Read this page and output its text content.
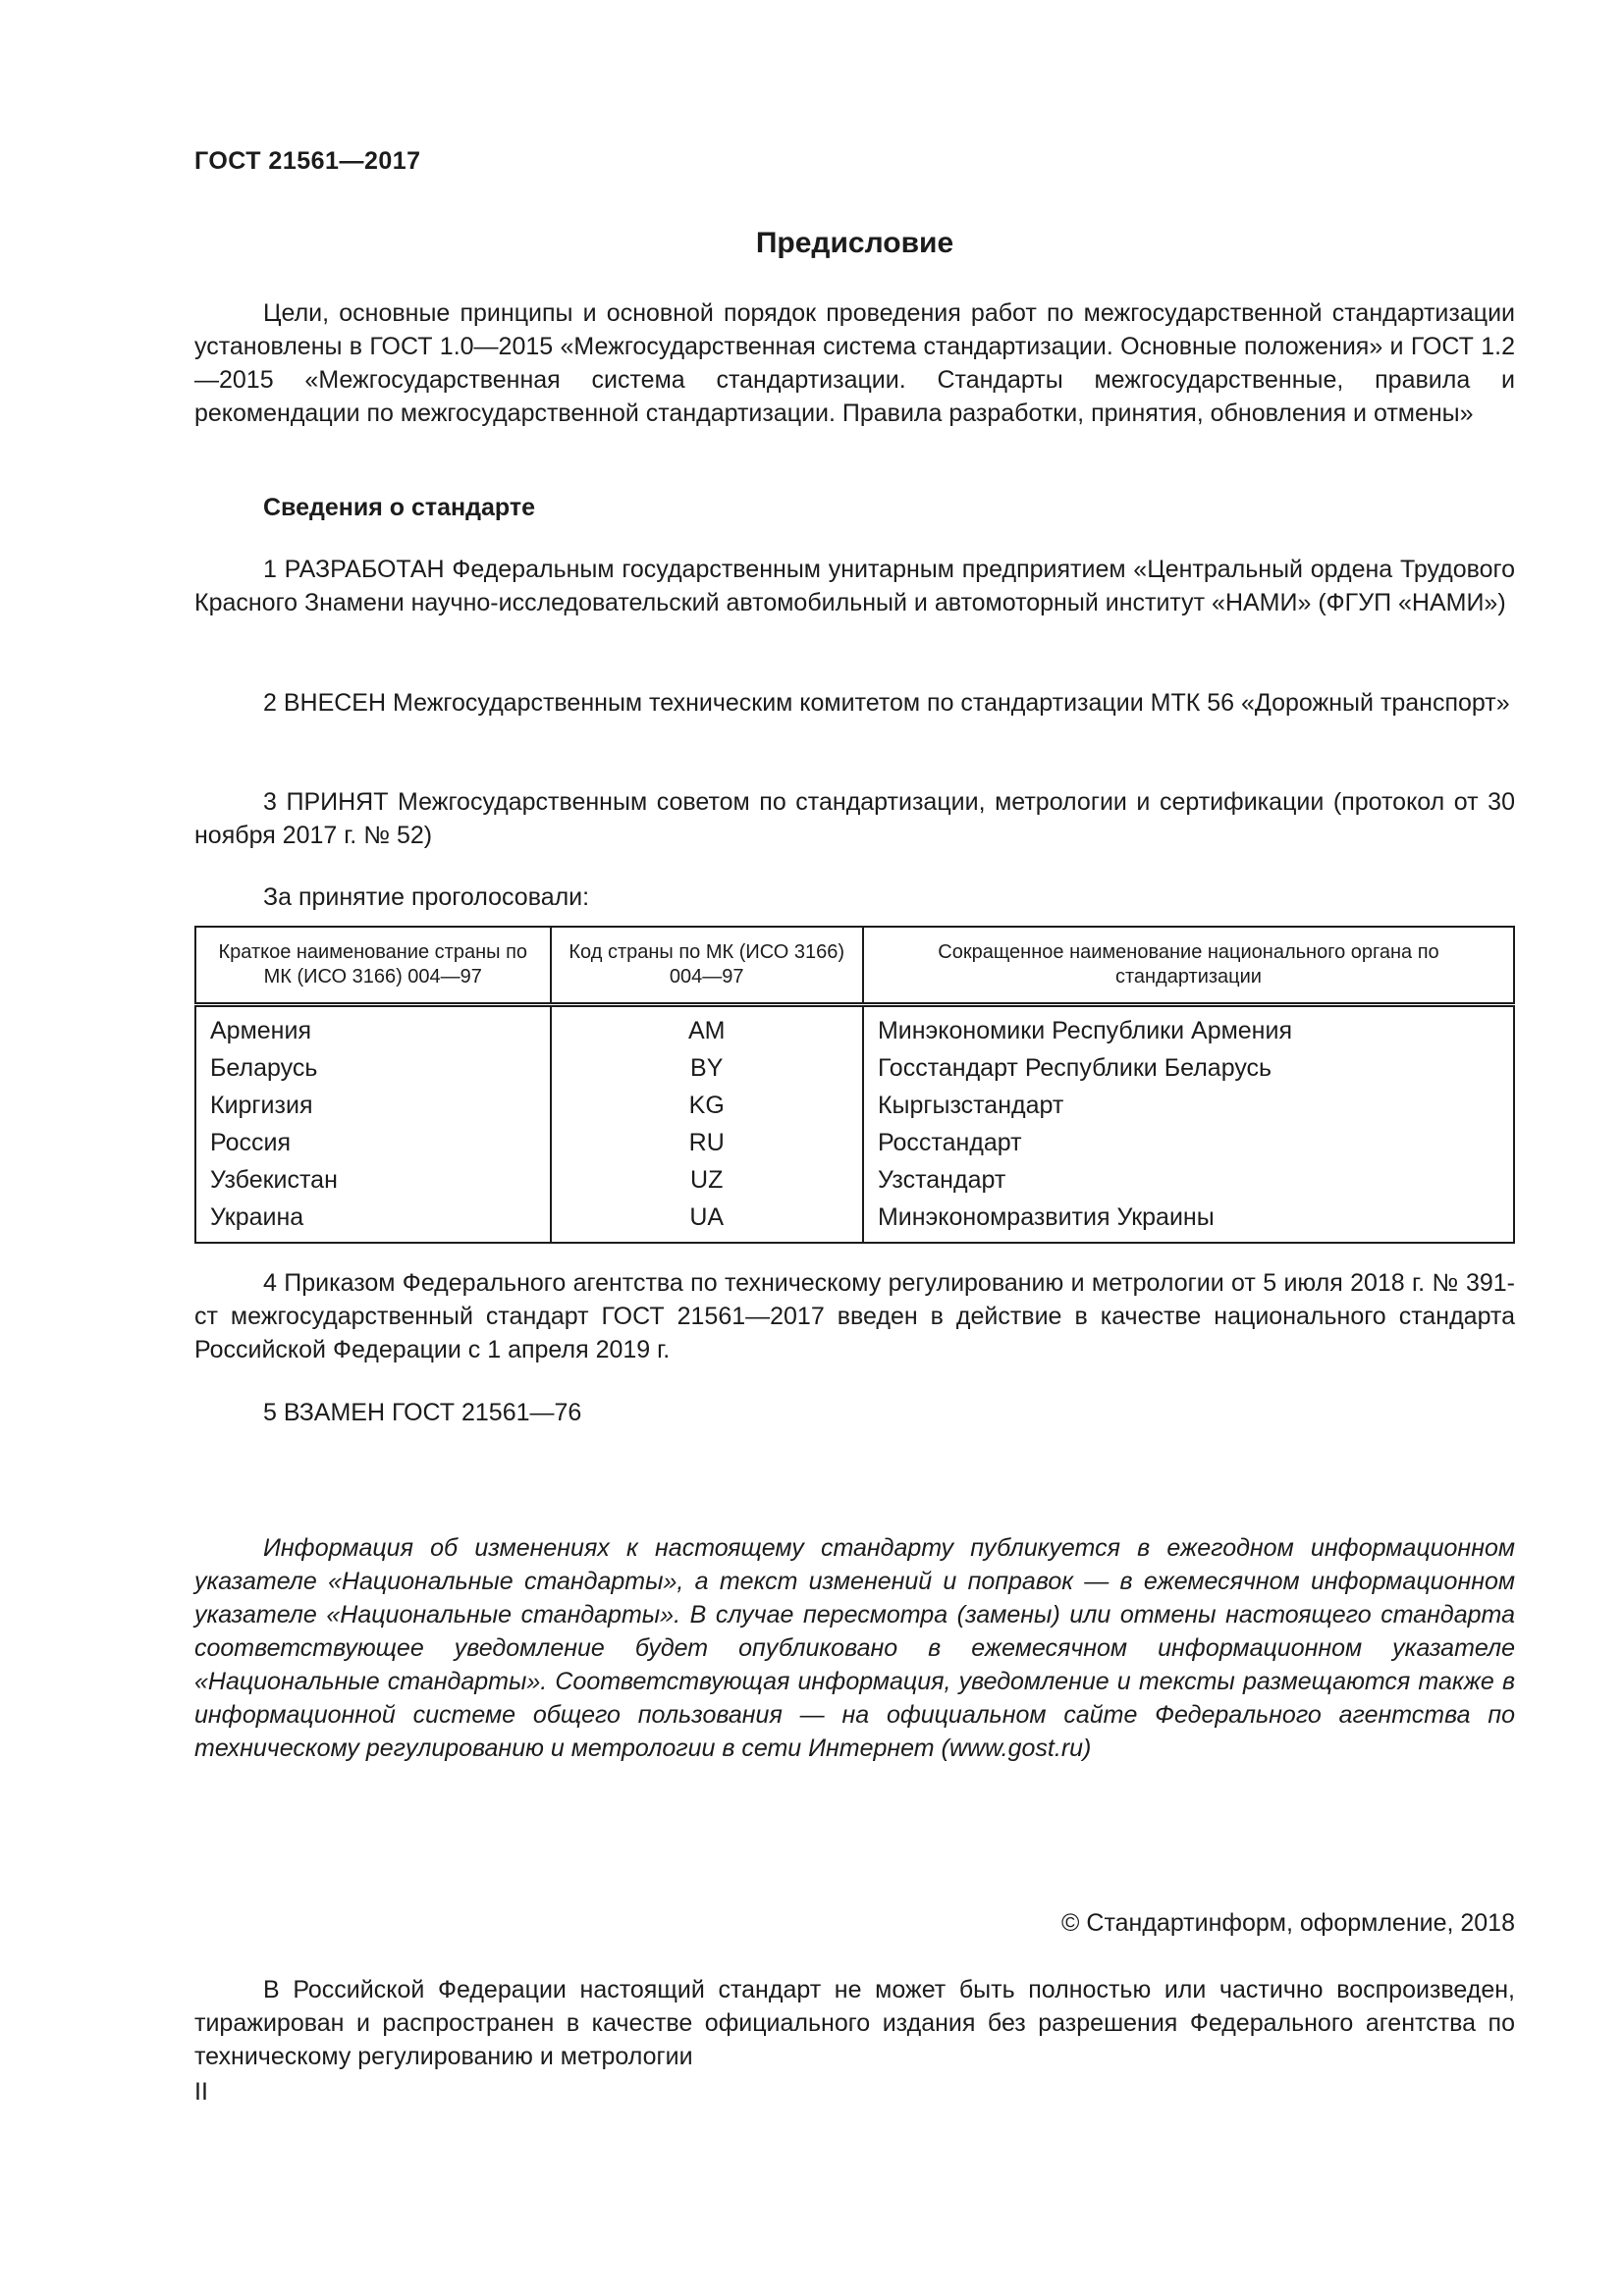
ГОСТ 21561—2017
Предисловие

Цели, основные принципы и основной порядок проведения работ по межгосударственной стандартизации установлены в ГОСТ 1.0—2015 «Межгосударственная система стандартизации. Основные положения» и ГОСТ 1.2—2015 «Межгосударственная система стандартизации. Стандарты межгосударственные, правила и рекомендации по межгосударственной стандартизации. Правила разработки, принятия, обновления и отмены»

Сведения о стандарте

1 РАЗРАБОТАН Федеральным государственным унитарным предприятием «Центральный ордена Трудового Красного Знамени научно-исследовательский автомобильный и автомоторный институт «НАМИ» (ФГУП «НАМИ»)

2 ВНЕСЕН Межгосударственным техническим комитетом по стандартизации МТК 56 «Дорожный транспорт»

3 ПРИНЯТ Межгосударственным советом по стандартизации, метрологии и сертификации (протокол от 30 ноября 2017 г. № 52)

За принятие проголосовали:
Краткое наименование страны по МК (ИСО 3166) 004—97	Код страны по МК (ИСО 3166) 004—97	Сокращенное наименование национального органа по стандартизации
Армения	AM	Минэкономики Республики Армения
Беларусь	BY	Госстандарт Республики Беларусь
Киргизия	KG	Кыргызстандарт
Россия	RU	Росстандарт
Узбекистан	UZ	Узстандарт
Украина	UA	Минэкономразвития Украины

4 Приказом Федерального агентства по техническому регулированию и метрологии от 5 июля 2018 г. № 391-ст межгосударственный стандарт ГОСТ 21561—2017 введен в действие в качестве национального стандарта Российской Федерации с 1 апреля 2019 г.

5 ВЗАМЕН ГОСТ 21561—76

Информация об изменениях к настоящему стандарту публикуется в ежегодном информационном указателе «Национальные стандарты», а текст изменений и поправок — в ежемесячном информационном указателе «Национальные стандарты». В случае пересмотра (замены) или отмены настоящего стандарта соответствующее уведомление будет опубликовано в ежемесячном информационном указателе «Национальные стандарты». Соответствующая информация, уведомление и тексты размещаются также в информационной системе общего пользования — на официальном сайте Федерального агентства по техническому регулированию и метрологии в сети Интернет (www.gost.ru)

© Стандартинформ, оформление, 2018

В Российской Федерации настоящий стандарт не может быть полностью или частично воспроизведен, тиражирован и распространен в качестве официального издания без разрешения Федерального агентства по техническому регулированию и метрологии

II
